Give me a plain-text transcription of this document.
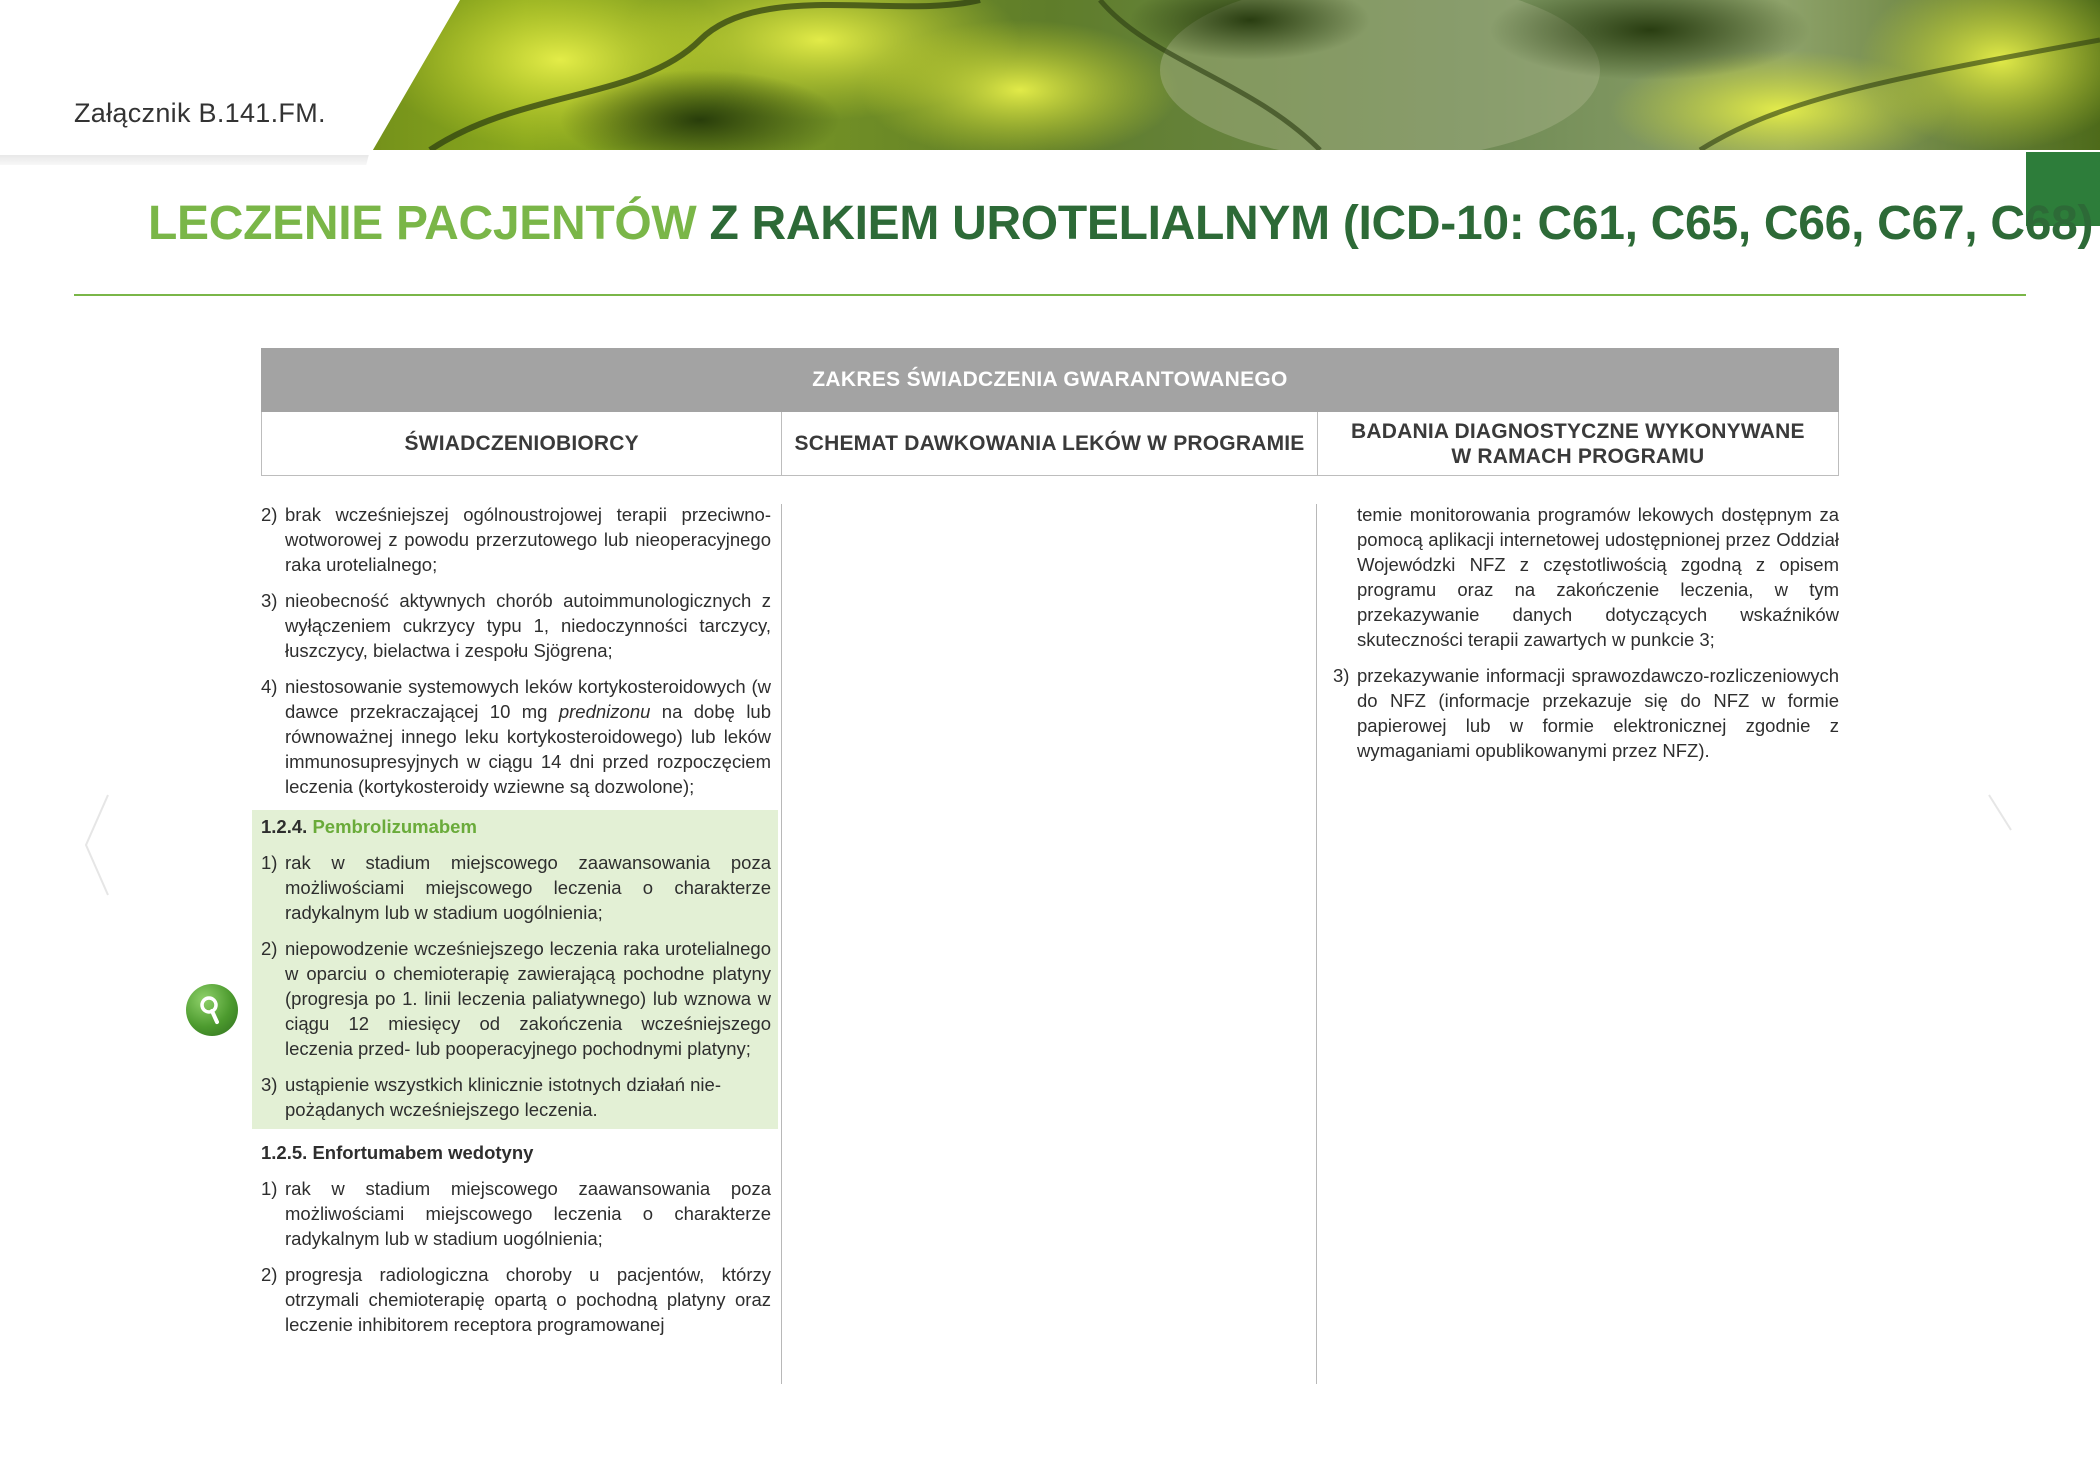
Załącznik B.141.FM.
LECZENIE PACJENTÓW Z RAKIEM UROTELIALNYM (ICD-10: C61, C65, C66, C67, C68)
ZAKRES ŚWIADCZENIA GWARANTOWANEGO
ŚWIADCZENIOBIORCY	SCHEMAT DAWKOWANIA LEKÓW W PROGRAMIE
BADANIA DIAGNOSTYCZNE WYKONYWANE
W RAMACH PROGRAMU
2) brak wcześniejszej ogólnoustrojowej terapii przeciwnowotworowej z powodu przerzutowego lub nieoperacyjnego raka urotelialnego;
3) nieobecność aktywnych chorób autoimmunologicznych z wyłączeniem cukrzycy typu 1, niedoczynności tarczycy, łuszczycy, bielactwa i zespołu Sjögrena;
4) niestosowanie systemowych leków kortykosteroidowych (w dawce przekraczającej 10 mg prednizonu na dobę lub równoważnej innego leku kortykosteroidowego) lub leków immunosupresyjnych w ciągu 14 dni przed rozpoczęciem leczenia (kortykosteroidy wziewne są dozwolone);
1.2.4. Pembrolizumabem
1) rak w stadium miejscowego zaawansowania poza możliwościami miejscowego leczenia o charakterze radykalnym lub w stadium uogólnienia;
2) niepowodzenie wcześniejszego leczenia raka urotelialnego w oparciu o chemioterapię zawierającą pochodne platyny (progresja po 1. linii leczenia paliatywnego) lub wznowa w ciągu 12 miesięcy od zakończenia wcześniejszego leczenia przed- lub pooperacyjnego pochodnymi platyny;
3) ustąpienie wszystkich klinicznie istotnych działań niepożądanych wcześniejszego leczenia.
1.2.5. Enfortumabem wedotyny
1) rak w stadium miejscowego zaawansowania poza możliwościami miejscowego leczenia o charakterze radykalnym lub w stadium uogólnienia;
2) progresja radiologiczna choroby u pacjentów, którzy otrzymali chemioterapię opartą o pochodną platyny oraz leczenie inhibitorem receptora programowanej
temie monitorowania programów lekowych dostępnym za pomocą aplikacji internetowej udostępnionej przez Oddział Wojewódzki NFZ z częstotliwością zgodną z opisem programu oraz na zakończenie leczenia, w tym przekazywanie danych dotyczących wskaźników skuteczności terapii zawartych w punkcie 3;
3) przekazywanie informacji sprawozdawczo-rozliczeniowych do NFZ (informacje przekazuje się do NFZ w formie papierowej lub w formie elektronicznej zgodnie z wymaganiami opublikowanymi przez NFZ).
